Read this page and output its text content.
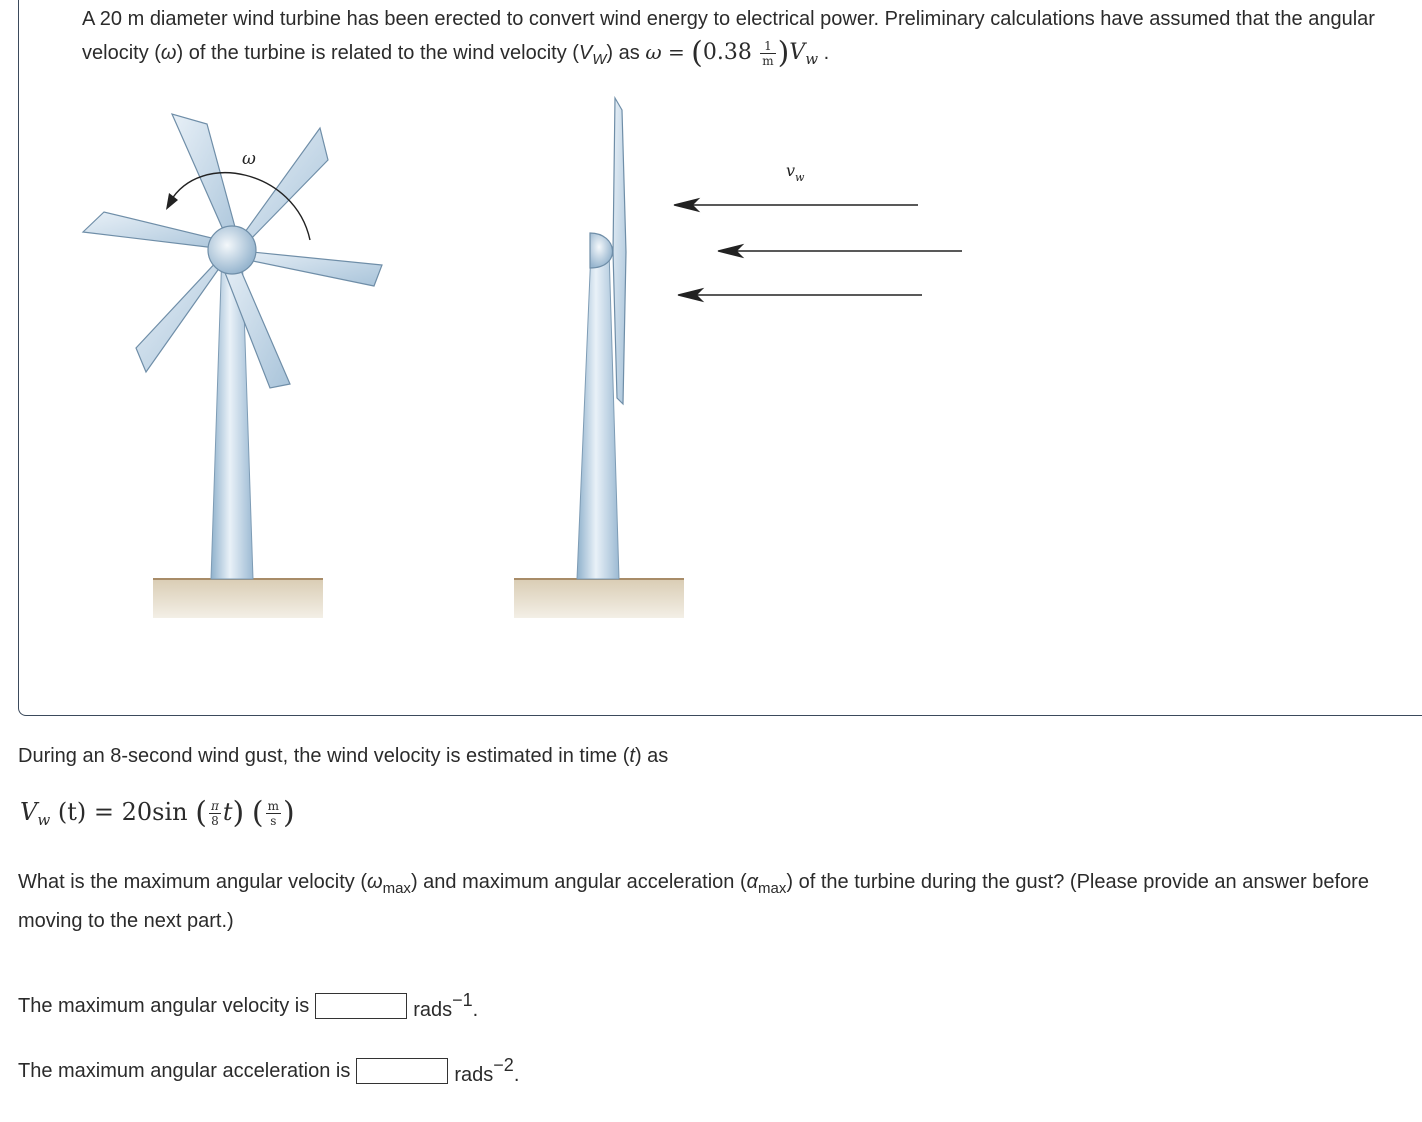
A 20 m diameter wind turbine has been erected to convert wind energy to electrical power. Preliminary calculations have assumed that the angular velocity (ω) of the turbine is related to the wind velocity $(V_W)$ as $\omega = (0.38 \frac{1}{m} )V_w$ .

ω
$v_w$

During an 8-second wind gust, the wind velocity is estimated in time (t) as

$V_w$ (t) = 20sin ( $\frac{\pi}{8} t$) ( $\frac{m}{s}$ )

What is the maximum angular velocity $(\omega_{max})$ and maximum angular acceleration $(\alpha_{max})$ of the turbine during the gust? (Please provide an answer before moving to the next part.)

The maximum angular velocity is	rads$^{-1}$.
The maximum angular acceleration is	rads$^{-2}$.
